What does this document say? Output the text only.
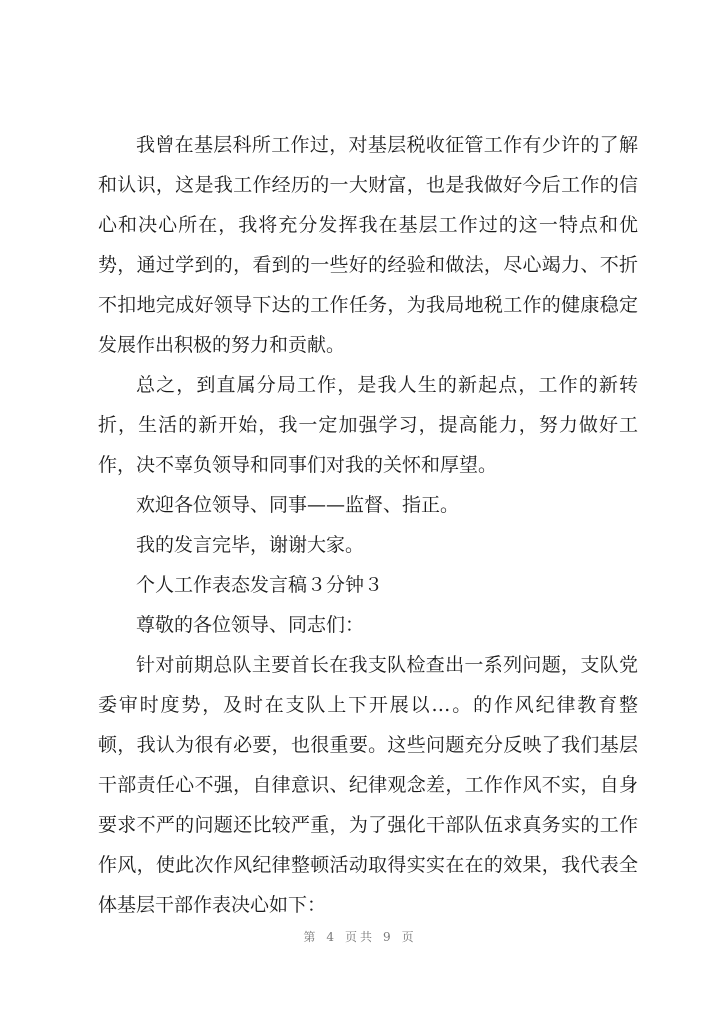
我曾在基层科所工作过，对基层税收征管工作有少许的了解
和认识，这是我工作经历的一大财富，也是我做好今后工作的信
心和决心所在，我将充分发挥我在基层工作过的这一特点和优
势，通过学到的，看到的一些好的经验和做法，尽心竭力、不折
不扣地完成好领导下达的工作任务，为我局地税工作的健康稳定
发展作出积极的努力和贡献。
总之，到直属分局工作，是我人生的新起点，工作的新转
折，生活的新开始，我一定加强学习，提高能力，努力做好工
作，决不辜负领导和同事们对我的关怀和厚望。
欢迎各位领导、同事——监督、指正。
我的发言完毕，谢谢大家。
个人工作表态发言稿３分钟３
尊敬的各位领导、同志们：
针对前期总队主要首长在我支队检查出一系列问题，支队党
委审时度势，及时在支队上下开展以…。的作风纪律教育整
顿，我认为很有必要，也很重要。这些问题充分反映了我们基层
干部责任心不强，自律意识、纪律观念差，工作作风不实，自身
要求不严的问题还比较严重，为了强化干部队伍求真务实的工作
作风，使此次作风纪律整顿活动取得实实在在的效果，我代表全
体基层干部作表决心如下：
第 4 页共 9 页
